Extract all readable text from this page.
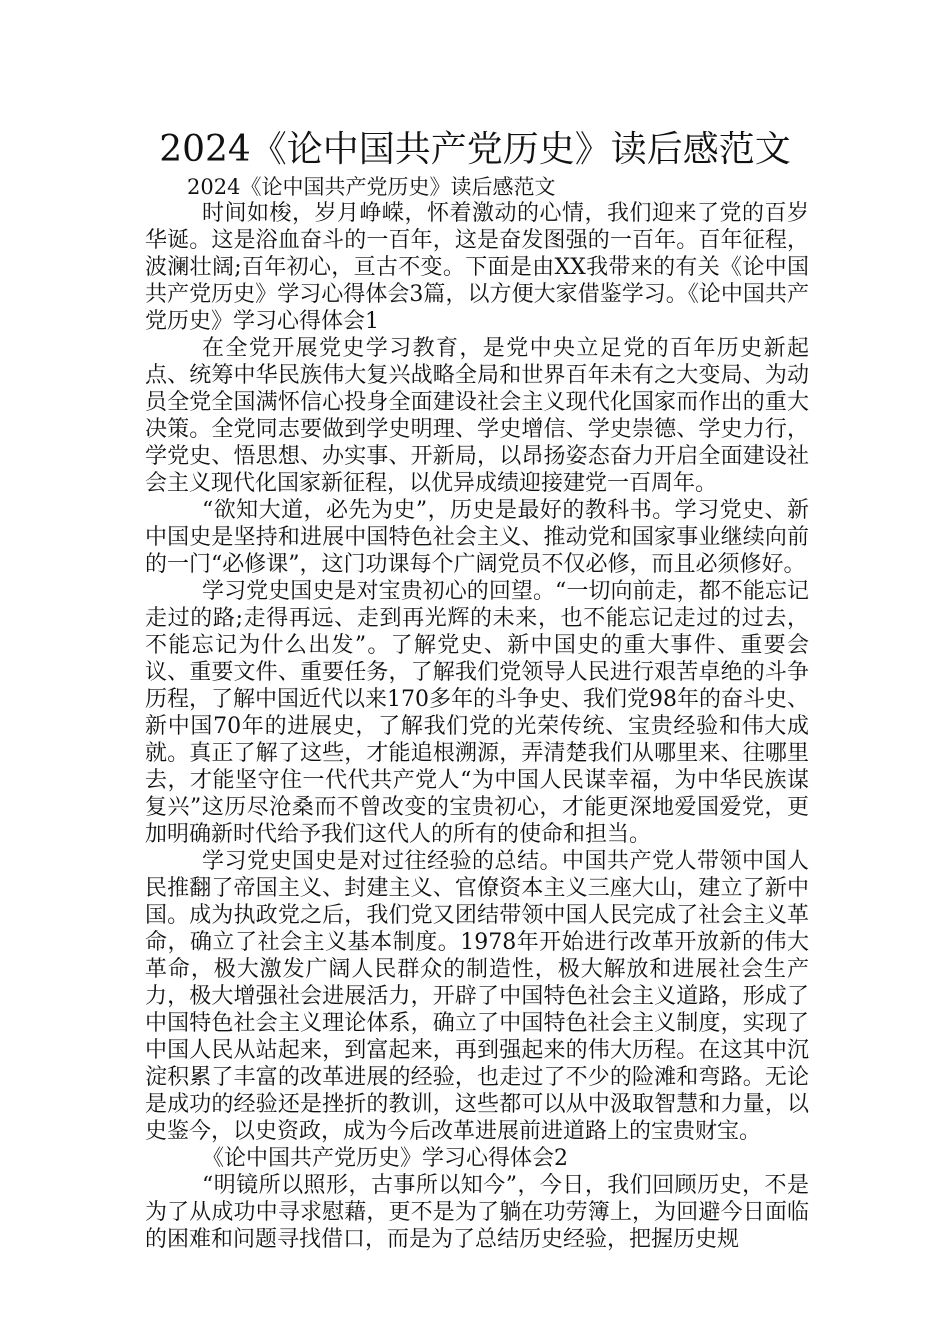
2024《论中国共产党历史》读后感范文
2024《论中国共产党历史》读后感范文

时间如梭，岁月峥嵘，怀着激动的心情，我们迎来了党的百岁华诞。这是浴血奋斗的一百年，这是奋发图强的一百年。百年征程，波澜壮阔;百年初心，亘古不变。下面是由XX我带来的有关《论中国共产党历史》学习心得体会3篇，以方便大家借鉴学习。《论中国共产党历史》学习心得体会1

在全党开展党史学习教育，是党中央立足党的百年历史新起点、统筹中华民族伟大复兴战略全局和世界百年未有之大变局、为动员全党全国满怀信心投身全面建设社会主义现代化国家而作出的重大决策。全党同志要做到学史明理、学史增信、学史崇德、学史力行，学党史、悟思想、办实事、开新局，以昂扬姿态奋力开启全面建设社会主义现代化国家新征程，以优异成绩迎接建党一百周年。

“欲知大道，必先为史”，历史是最好的教科书。学习党史、新中国史是坚持和进展中国特色社会主义、推动党和国家事业继续向前的一门“必修课”，这门功课每个广阔党员不仅必修，而且必须修好。

学习党史国史是对宝贵初心的回望。“一切向前走，都不能忘记走过的路;走得再远、走到再光辉的未来，也不能忘记走过的过去，不能忘记为什么出发”。了解党史、新中国史的重大事件、重要会议、重要文件、重要任务，了解我们党领导人民进行艰苦卓绝的斗争历程，了解中国近代以来170多年的斗争史、我们党98年的奋斗史、新中国70年的进展史，了解我们党的光荣传统、宝贵经验和伟大成就。真正了解了这些，才能追根溯源，弄清楚我们从哪里来、往哪里去，才能坚守住一代代共产党人“为中国人民谋幸福，为中华民族谋复兴”这历尽沧桑而不曾改变的宝贵初心，才能更深地爱国爱党，更加明确新时代给予我们这代人的所有的使命和担当。

学习党史国史是对过往经验的总结。中国共产党人带领中国人民推翻了帝国主义、封建主义、官僚资本主义三座大山，建立了新中国。成为执政党之后，我们党又团结带领中国人民完成了社会主义革命，确立了社会主义基本制度。1978年开始进行改革开放新的伟大革命，极大激发广阔人民群众的制造性，极大解放和进展社会生产力，极大增强社会进展活力，开辟了中国特色社会主义道路，形成了中国特色社会主义理论体系，确立了中国特色社会主义制度，实现了中国人民从站起来，到富起来，再到强起来的伟大历程。在这其中沉淀积累了丰富的改革进展的经验，也走过了不少的险滩和弯路。无论是成功的经验还是挫折的教训，这些都可以从中汲取智慧和力量，以史鉴今，以史资政，成为今后改革进展前进道路上的宝贵财宝。

《论中国共产党历史》学习心得体会2

“明镜所以照形，古事所以知今”，今日，我们回顾历史，不是为了从成功中寻求慰藉，更不是为了躺在功劳簿上，为回避今日面临的困难和问题寻找借口，而是为了总结历史经验，把握历史规
